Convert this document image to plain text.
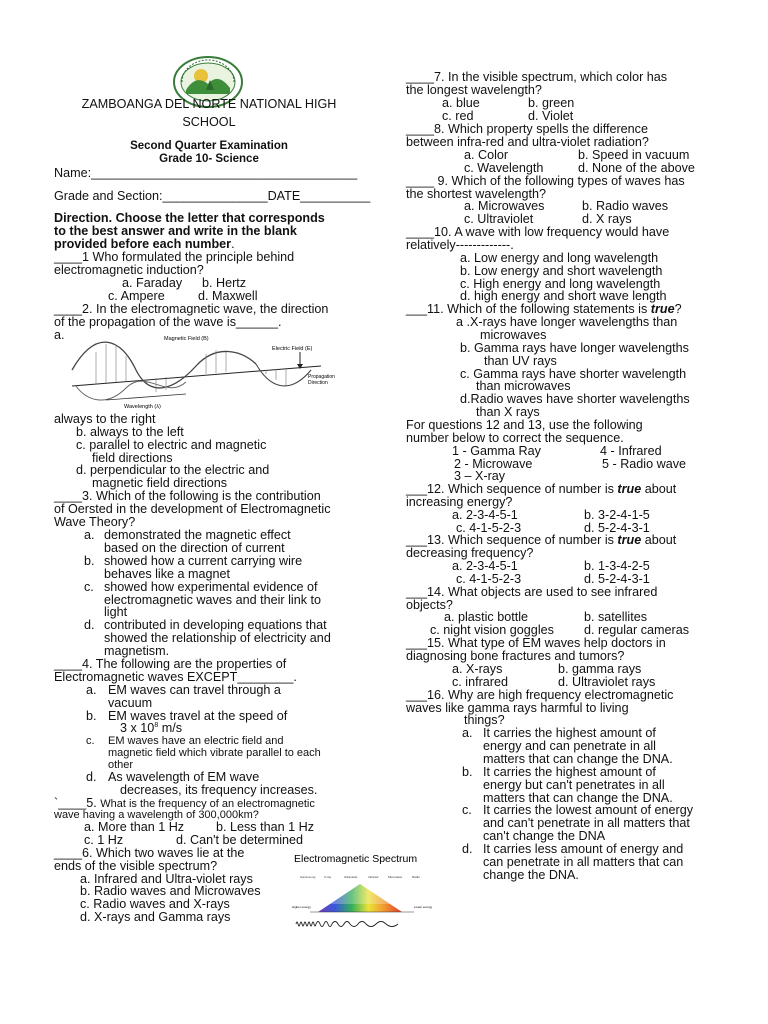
ZAMBOANGA DEL NORTE NATIONAL HIGH
SCHOOL
Second Quarter Examination
Grade 10- Science
Name:______________________________________
Grade and Section:_______________DATE__________
Direction. Choose the letter that corresponds
to the best answer and write in the blank
provided before each number.
____1 Who formulated the principle behind
electromagnetic induction?
a. Faraday b. Hertz
c. Ampere	d. Maxwell
____2. In the electromagnetic wave, the direction
of the propagation of the wave is______.
a.	Magnetic Field (B)
Electric Field (E)
Propagation
Direction
Wavelength (λ)
always to the right
b. always to the left
c. parallel to electric and magnetic
field directions
d. perpendicular to the electric and
magnetic field directions
____3. Which of the following is the contribution
of Oersted in the development of Electromagnetic
Wave Theory?
a. demonstrated the magnetic effect
based on the direction of current
b. showed how a current carrying wire
behaves like a magnet
c. showed how experimental evidence of
electromagnetic waves and their link to
light
d. contributed in developing equations that
showed the relationship of electricity and
magnetism.
____4. The following are the properties of
Electromagnetic waves EXCEPT________.
a. EM waves can travel through a
vacuum
b. EM waves travel at the speed of
3 x $10^8$ m/s
c. EM waves have an electric field and
magnetic field which vibrate parallel to each
other
d. As wavelength of EM wave
decreases, its frequency increases.
`____5. What is the frequency of an electromagnetic
wave having a wavelength of 300,000km?
a. More than 1 Hz	b. Less than 1 Hz
c. 1 Hz	d. Can't be determined
____6. Which two waves lie at the
ends of the visible spectrum?
a. Infrared and Ultra-violet rays
b. Radio waves and Microwaves
c. Radio waves and X-rays
d. X-rays and Gamma rays
Electromagnetic Spectrum
Gamma ray	X-ray	Ultraviolet	Infrared	Microwave	Radio
Higher energy	Lower energy
____7. In the visible spectrum, which color has
the longest wavelength?
a. blue	b. green
c. red	d. Violet
____8. Which property spells the difference
between infra-red and ultra-violet radiation?
a. Color	b. Speed in vacuum
c. Wavelength	d. None of the above
____ 9. Which of the following types of waves has
the shortest wavelength?
a. Microwaves	b. Radio waves
c. Ultraviolet	d. X rays
____10. A wave with low frequency would have
relatively-------------.
a. Low energy and long wavelength
b. Low energy and short wavelength
c. High energy and long wavelength
d. high energy and short wave length
___11. Which of the following statements is true?
a .X-rays have longer wavelengths than
microwaves
b. Gamma rays have longer wavelengths
than UV rays
c. Gamma rays have shorter wavelength
than microwaves
d.Radio waves have shorter wavelengths
than X rays
For questions 12 and 13, use the following
number below to correct the sequence.
1 - Gamma Ray	4 - Infrared
2 - Microwave	5 - Radio wave
3 – X-ray
___12. Which sequence of number is true about
increasing energy?
a. 2-3-4-5-1	b. 3-2-4-1-5
c. 4-1-5-2-3	d. 5-2-4-3-1
___13. Which sequence of number is true about
decreasing frequency?
a. 2-3-4-5-1	b. 1-3-4-2-5
c. 4-1-5-2-3	d. 5-2-4-3-1
___14. What objects are used to see infrared
objects?
a. plastic bottle	b. satellites
c. night vision goggles d. regular cameras
___15. What type of EM waves help doctors in
diagnosing bone fractures and tumors?
a. X-rays	b. gamma rays
c. infrared	d. Ultraviolet rays
___16. Why are high frequency electromagnetic
waves like gamma rays harmful to living
things?
a. It carries the highest amount of
energy and can penetrate in all
matters that can change the DNA.
b. It carries the highest amount of
energy but can't penetrates in all
matters that can change the DNA.
c. It carries the lowest amount of energy
and can't penetrate in all matters that
can't change the DNA
d. It carries less amount of energy and
can penetrate in all matters that can
change the DNA.
